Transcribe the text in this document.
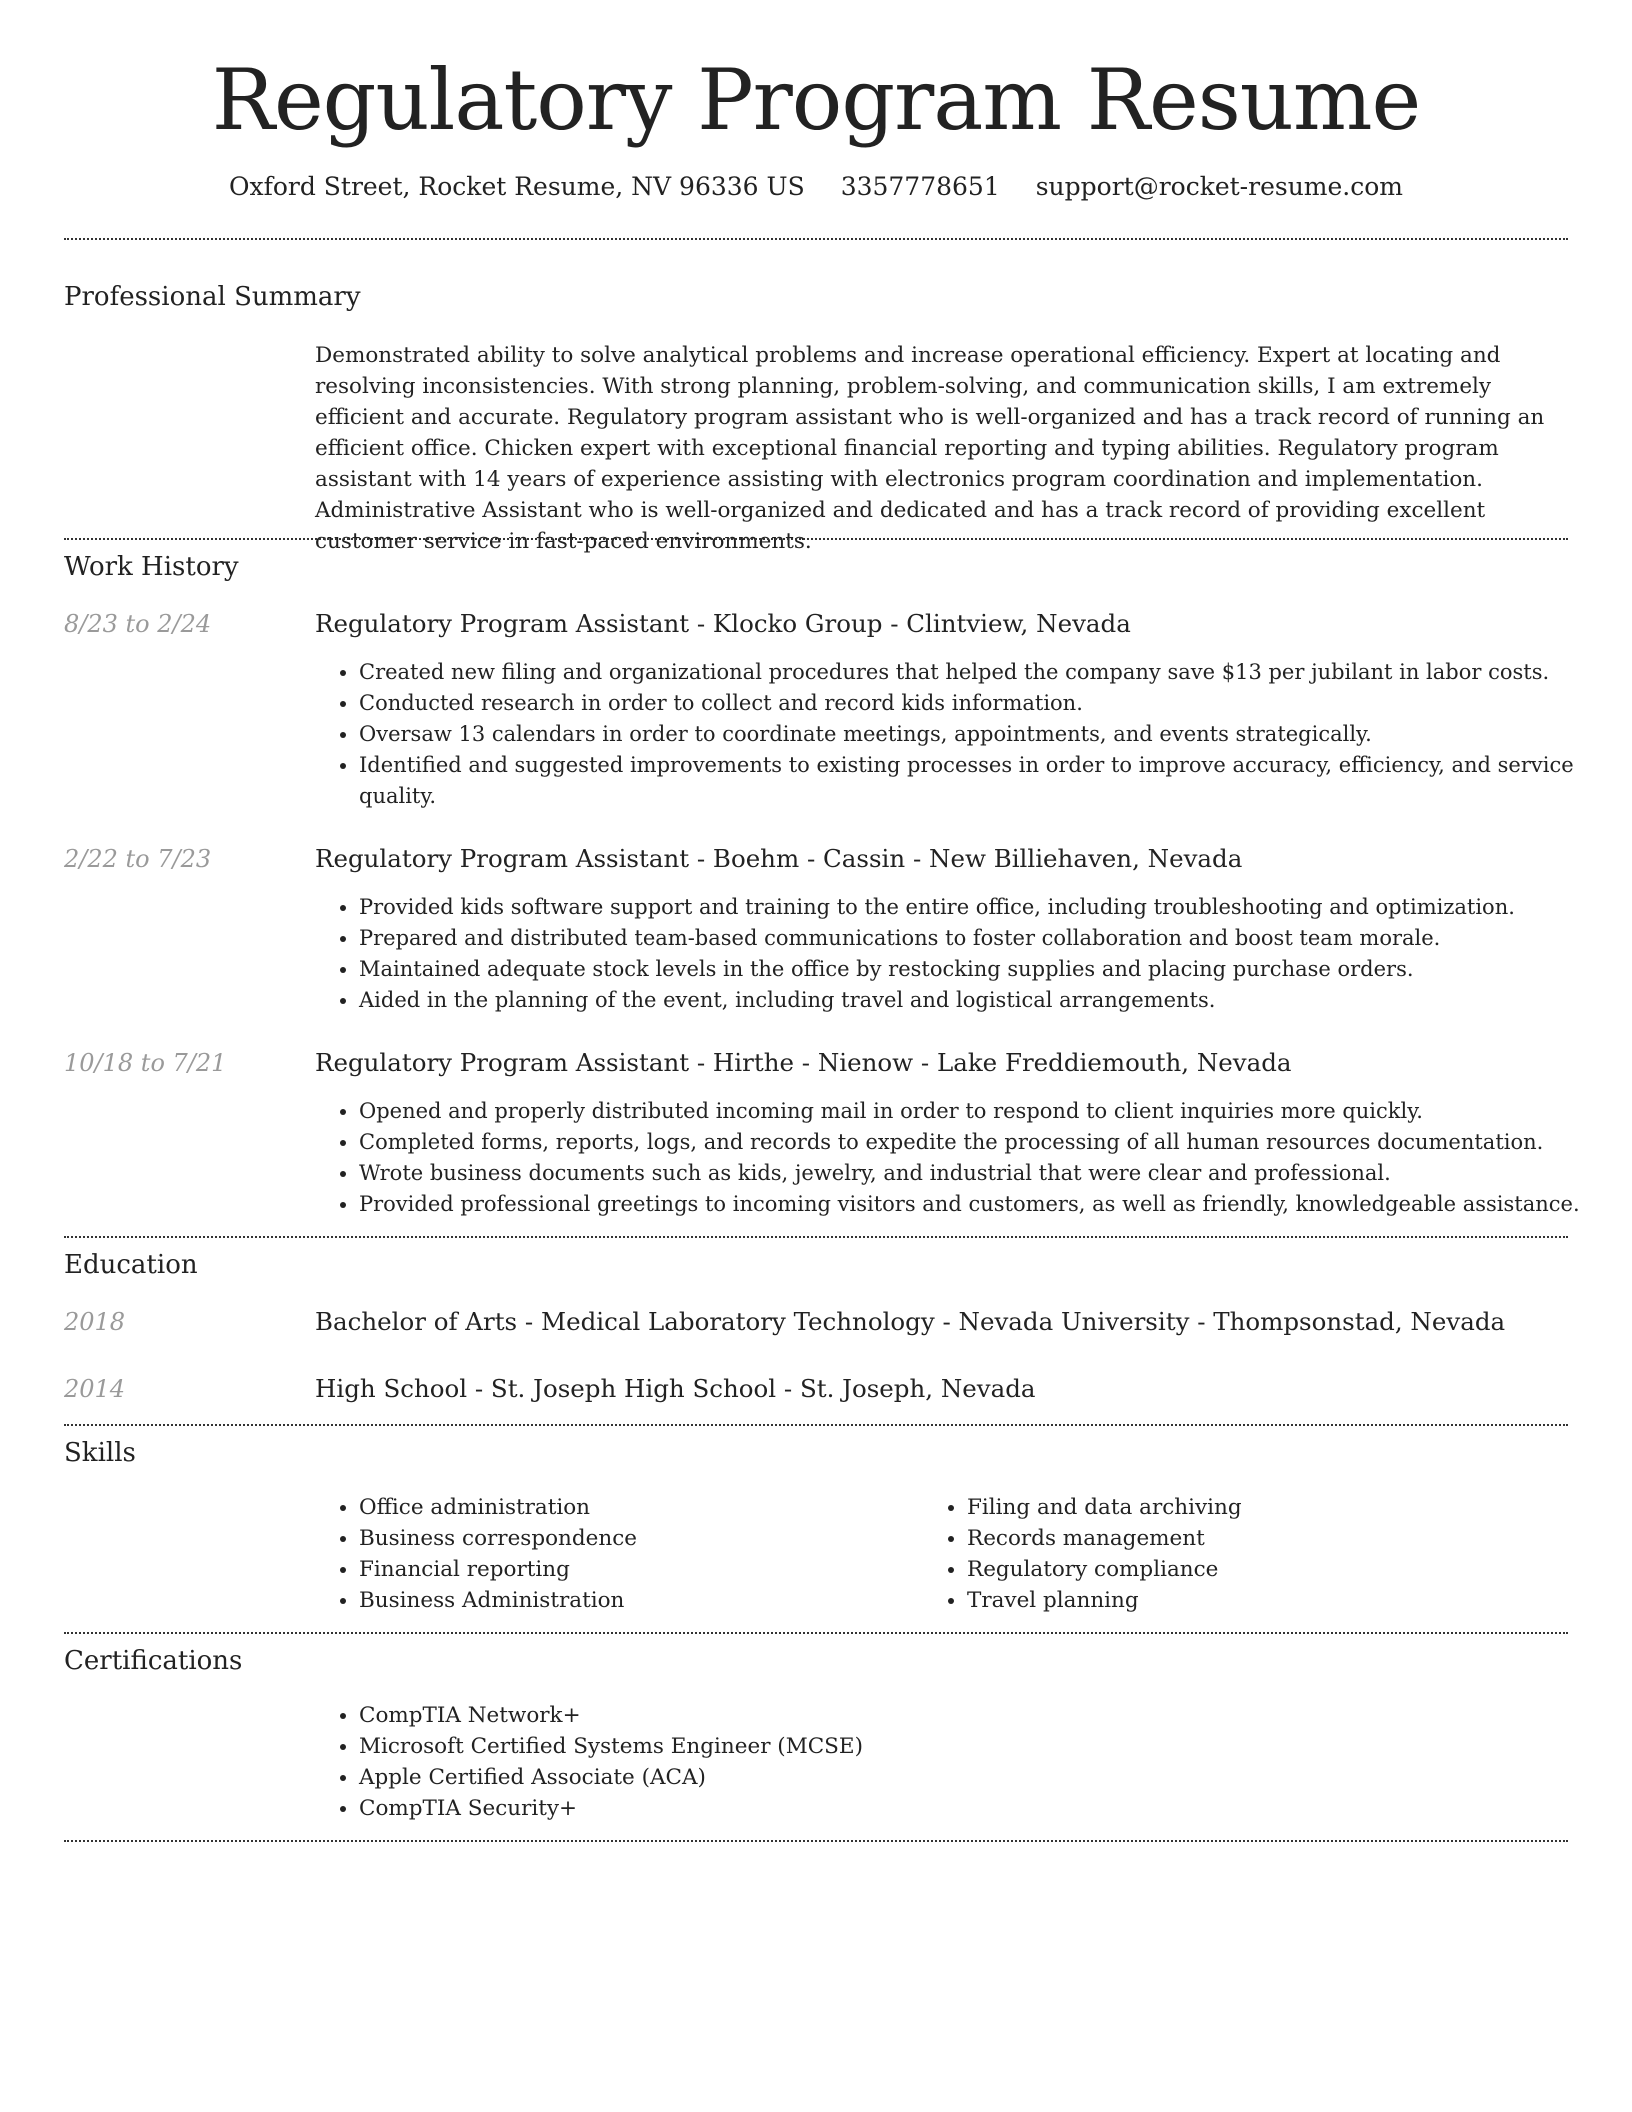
Regulatory Program Resume
Oxford Street, Rocket Resume, NV 96336 US 3357778651 support@rocket-resume.com
Professional Summary

Demonstrated ability to solve analytical problems and increase operational efficiency. Expert at locating and resolving inconsistencies. With strong planning, problem-solving, and communication skills, I am extremely efficient and accurate. Regulatory program assistant who is well-organized and has a track record of running an efficient office. Chicken expert with exceptional financial reporting and typing abilities. Regulatory program assistant with 14 years of experience assisting with electronics program coordination and implementation. Administrative Assistant who is well-organized and dedicated and has a track record of providing excellent customer service in fast-paced environments.

Work History
8/23 to 2/24	Regulatory Program Assistant - Klocko Group - Clintview, Nevada
• Created new filing and organizational procedures that helped the company save $13 per jubilant in labor costs.
• Conducted research in order to collect and record kids information.
• Oversaw 13 calendars in order to coordinate meetings, appointments, and events strategically.
• Identified and suggested improvements to existing processes in order to improve accuracy, efficiency, and service quality.
2/22 to 7/23	Regulatory Program Assistant - Boehm - Cassin - New Billiehaven, Nevada
• Provided kids software support and training to the entire office, including troubleshooting and optimization.
• Prepared and distributed team-based communications to foster collaboration and boost team morale.
• Maintained adequate stock levels in the office by restocking supplies and placing purchase orders.
• Aided in the planning of the event, including travel and logistical arrangements.
10/18 to 7/21	Regulatory Program Assistant - Hirthe - Nienow - Lake Freddiemouth, Nevada
• Opened and properly distributed incoming mail in order to respond to client inquiries more quickly.
• Completed forms, reports, logs, and records to expedite the processing of all human resources documentation.
• Wrote business documents such as kids, jewelry, and industrial that were clear and professional.
• Provided professional greetings to incoming visitors and customers, as well as friendly, knowledgeable assistance.
Education
2018	Bachelor of Arts - Medical Laboratory Technology - Nevada University - Thompsonstad, Nevada
2014	High School - St. Joseph High School - St. Joseph, Nevada
Skills
• Office administration
• Business correspondence
• Financial reporting
• Business Administration
• Filing and data archiving
• Records management
• Regulatory compliance
• Travel planning
Certifications
• CompTIA Network+
• Microsoft Certified Systems Engineer (MCSE)
• Apple Certified Associate (ACA)
• CompTIA Security+
